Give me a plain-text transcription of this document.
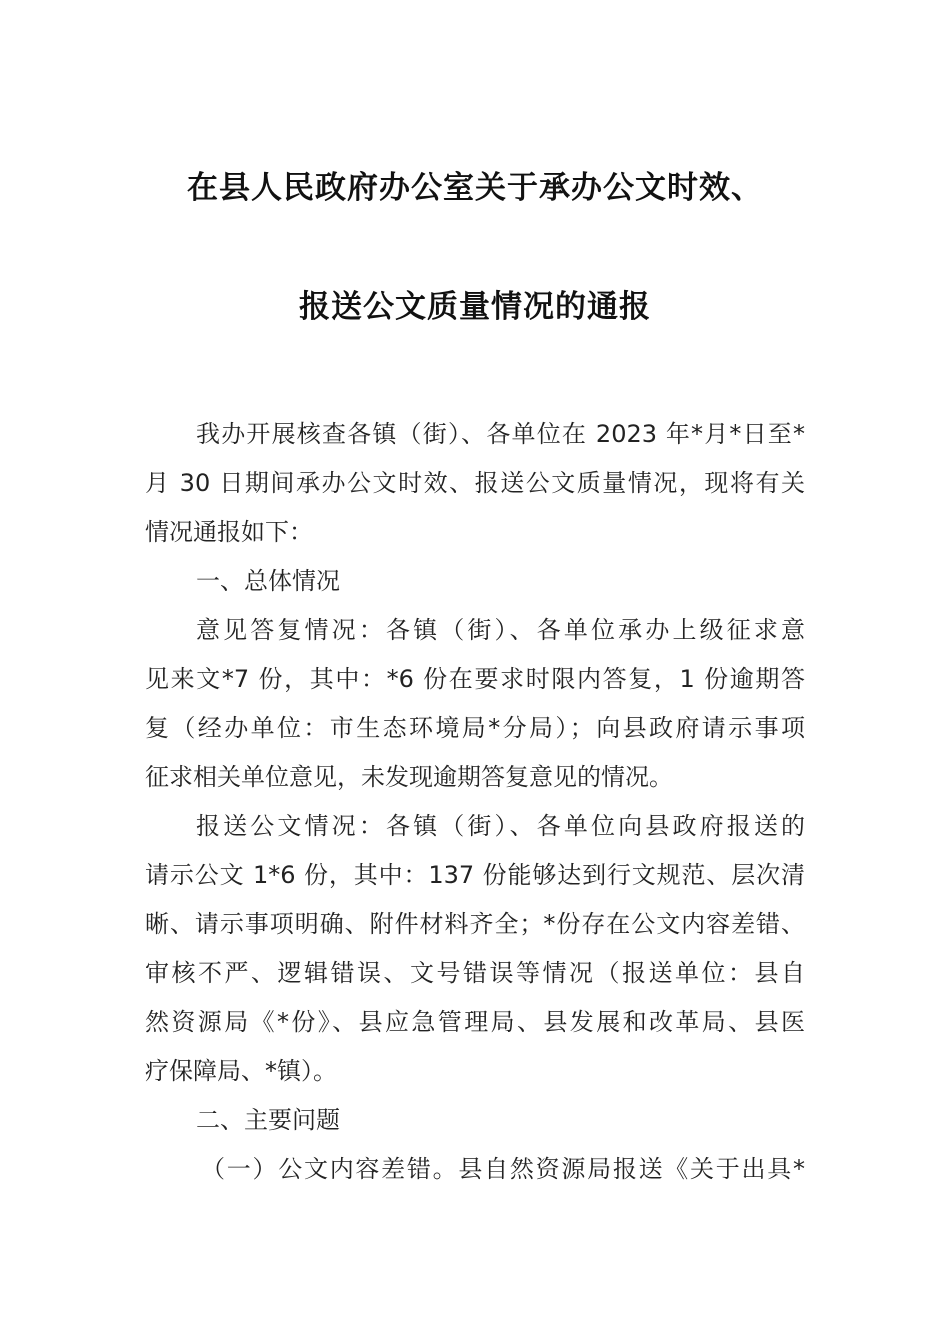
在县人民政府办公室关于承办公文时效、
报送公文质量情况的通报
我办开展核查各镇（街）、各单位在 2023 年*月*日至*
月 30 日期间承办公文时效、报送公文质量情况，现将有关
情况通报如下：
一、总体情况
意见答复情况：各镇（街）、各单位承办上级征求意
见来文*7 份，其中：*6 份在要求时限内答复，1 份逾期答
复（经办单位：市生态环境局*分局）；向县政府请示事项
征求相关单位意见，未发现逾期答复意见的情况。
报送公文情况：各镇（街）、各单位向县政府报送的
请示公文 1*6 份，其中：137 份能够达到行文规范、层次清
晰、请示事项明确、附件材料齐全；*份存在公文内容差错、
审核不严、逻辑错误、文号错误等情况（报送单位：县自
然资源局《*份》、县应急管理局、县发展和改革局、县医
疗保障局、*镇）。
二、主要问题
（一）公文内容差错。县自然资源局报送《关于出具*
